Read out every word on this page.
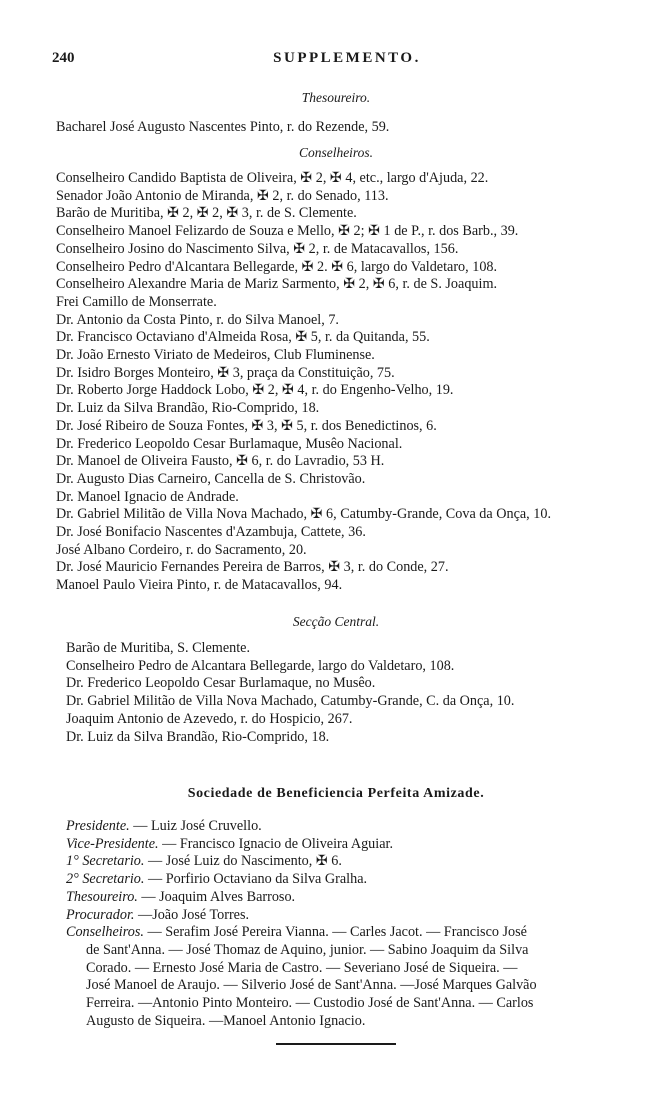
240	SUPPLEMENTO.
Thesoureiro.
Bacharel José Augusto Nascentes Pinto, r. do Rezende, 59.
Conselheiros.
Conselheiro Candido Baptista de Oliveira, ✠ 2, ✠ 4, etc., largo d'Ajuda, 22.
Senador João Antonio de Miranda, ✠ 2, r. do Senado, 113.
Barão de Muritiba, ✠ 2, ✠ 2, ✠ 3, r. de S. Clemente.
Conselheiro Manoel Felizardo de Souza e Mello, ✠ 2; ✠ 1 de P., r. dos Barb., 39.
Conselheiro Josino do Nascimento Silva, ✠ 2, r. de Matacavallos, 156.
Conselheiro Pedro d'Alcantara Bellegarde, ✠ 2. ✠ 6, largo do Valdetaro, 108.
Conselheiro Alexandre Maria de Mariz Sarmento, ✠ 2, ✠ 6, r. de S. Joaquim.
Frei Camillo de Monserrate.
Dr. Antonio da Costa Pinto, r. do Silva Manoel, 7.
Dr. Francisco Octaviano d'Almeida Rosa, ✠ 5, r. da Quitanda, 55.
Dr. João Ernesto Viriato de Medeiros, Club Fluminense.
Dr. Isidro Borges Monteiro, ✠ 3, praça da Constituição, 75.
Dr. Roberto Jorge Haddock Lobo, ✠ 2, ✠ 4, r. do Engenho-Velho, 19.
Dr. Luiz da Silva Brandão, Rio-Comprido, 18.
Dr. José Ribeiro de Souza Fontes, ✠ 3, ✠ 5, r. dos Benedictinos, 6.
Dr. Frederico Leopoldo Cesar Burlamaque, Musêo Nacional.
Dr. Manoel de Oliveira Fausto, ✠ 6, r. do Lavradio, 53 H.
Dr. Augusto Dias Carneiro, Cancella de S. Christovão.
Dr. Manoel Ignacio de Andrade.
Dr. Gabriel Militão de Villa Nova Machado, ✠ 6, Catumby-Grande, Cova da Onça, 10.
Dr. José Bonifacio Nascentes d'Azambuja, Cattete, 36.
José Albano Cordeiro, r. do Sacramento, 20.
Dr. José Mauricio Fernandes Pereira de Barros, ✠ 3, r. do Conde, 27.
Manoel Paulo Vieira Pinto, r. de Matacavallos, 94.
Secção Central.
Barão de Muritiba, S. Clemente.
Conselheiro Pedro de Alcantara Bellegarde, largo do Valdetaro, 108.
Dr. Frederico Leopoldo Cesar Burlamaque, no Musêo.
Dr. Gabriel Militão de Villa Nova Machado, Catumby-Grande, C. da Onça, 10.
Joaquim Antonio de Azevedo, r. do Hospicio, 267.
Dr. Luiz da Silva Brandão, Rio-Comprido, 18.
Sociedade de Beneficiencia Perfeita Amizade.
Presidente. — Luiz José Cruvello.
Vice-Presidente. — Francisco Ignacio de Oliveira Aguiar.
1° Secretario. — José Luiz do Nascimento, ✠ 6.
2° Secretario. — Porfirio Octaviano da Silva Gralha.
Thesoureiro. — Joaquim Alves Barroso.
Procurador. —João José Torres.
Conselheiros. — Serafim José Pereira Vianna. — Carles Jacot. — Francisco José
de Sant'Anna. — José Thomaz de Aquino, junior. — Sabino Joaquim da Silva
Corado. — Ernesto José Maria de Castro. — Severiano José de Siqueira. —
José Manoel de Araujo. — Silverio José de Sant'Anna. —José Marques Galvão
Ferreira. —Antonio Pinto Monteiro. — Custodio José de Sant'Anna. — Carlos
Augusto de Siqueira. —Manoel Antonio Ignacio.
